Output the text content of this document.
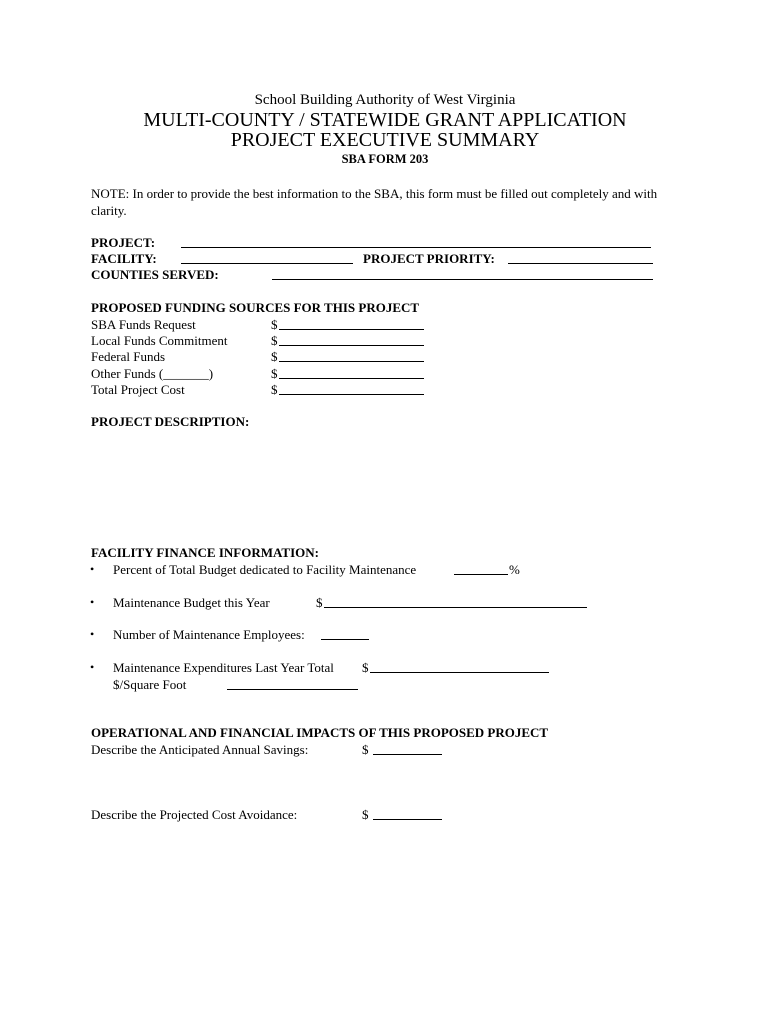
School Building Authority of West Virginia
MULTI-COUNTY / STATEWIDE GRANT APPLICATION
PROJECT EXECUTIVE SUMMARY
SBA FORM 203
NOTE: In order to provide the best information to the SBA, this form must be filled out completely and with clarity.
PROJECT:
FACILITY:	PROJECT PRIORITY:
COUNTIES SERVED:
PROPOSED FUNDING SOURCES FOR THIS PROJECT
SBA Funds Request	$
Local Funds Commitment	$
Federal Funds	$
Other Funds (_______)	$
Total Project Cost	$
PROJECT DESCRIPTION:
FACILITY FINANCE INFORMATION:
• Percent of Total Budget dedicated to Facility Maintenance	%
• Maintenance Budget this Year	$
• Number of Maintenance Employees:
• Maintenance Expenditures Last Year Total $
$/Square Foot
OPERATIONAL AND FINANCIAL IMPACTS OF THIS PROPOSED PROJECT
Describe the Anticipated Annual Savings:	$
Describe the Projected Cost Avoidance:	$
